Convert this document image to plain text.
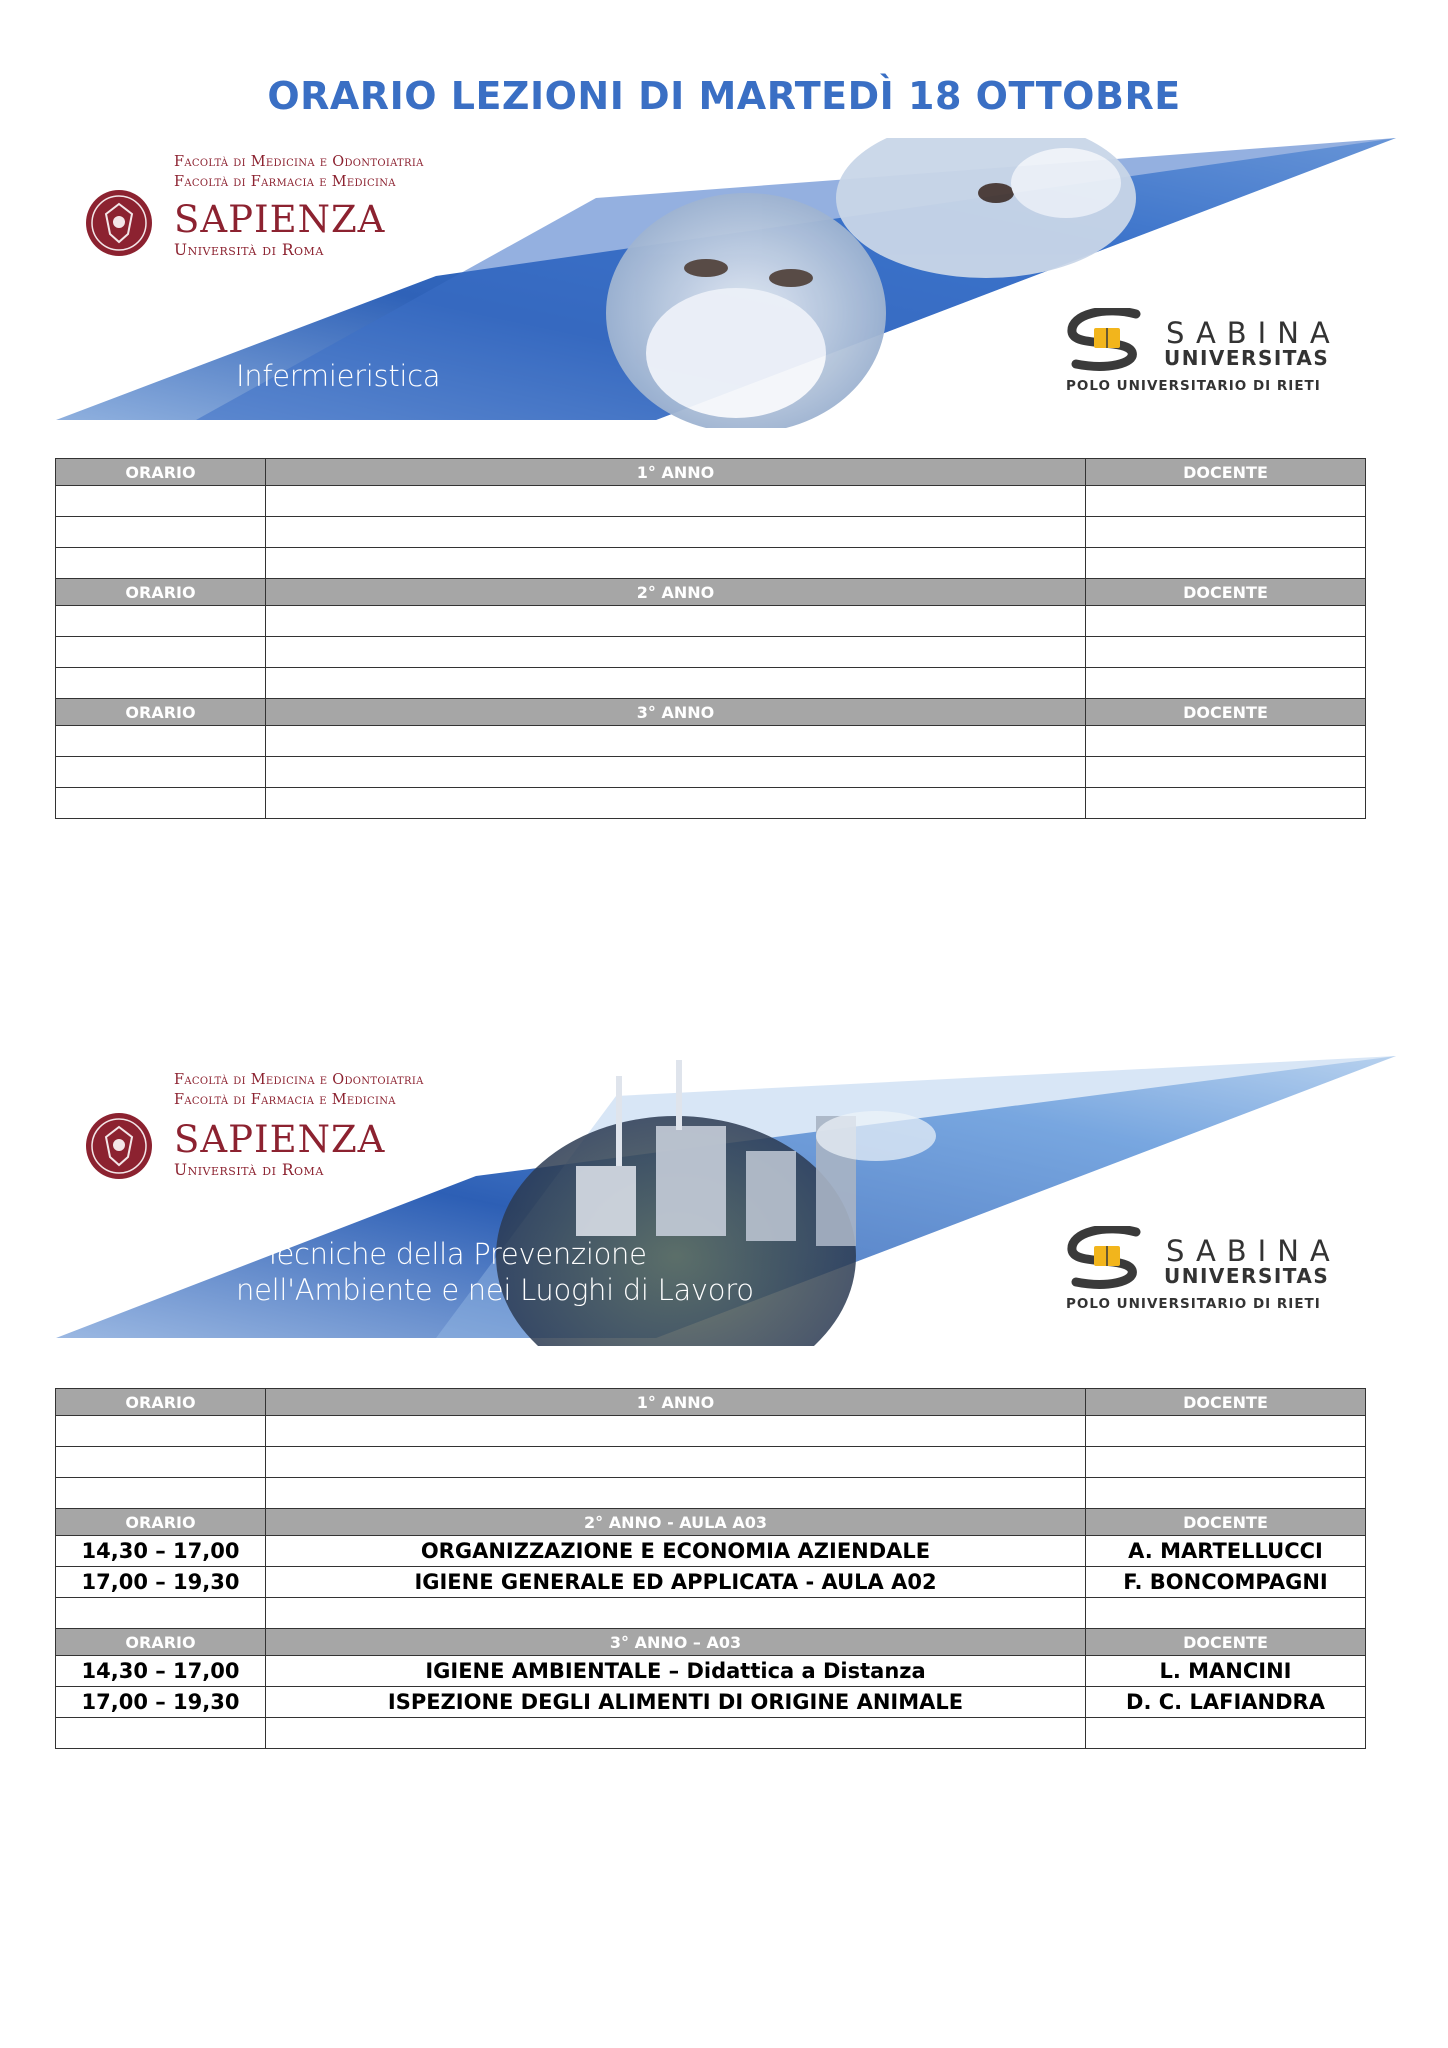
ORARIO LEZIONI DI MARTEDÌ 18 OTTOBRE
Facoltà di Medicina e Odontoiatria
Facoltà di Farmacia e Medicina
SAPIENZA
Università di Roma
Infermieristica
SABINA
UNIVERSITAS
POLO UNIVERSITARIO DI RIETI
ORARIO	1° ANNO	DOCENTE

ORARIO	2° ANNO	DOCENTE

ORARIO	3° ANNO	DOCENTE

Facoltà di Medicina e Odontoiatria
Facoltà di Farmacia e Medicina
SAPIENZA
Università di Roma
Tecniche della Prevenzione
nell'Ambiente e nei Luoghi di Lavoro
SABINA
UNIVERSITAS
POLO UNIVERSITARIO DI RIETI
ORARIO	1° ANNO	DOCENTE

ORARIO	2° ANNO - AULA A03	DOCENTE
14,30 – 17,00	ORGANIZZAZIONE E ECONOMIA AZIENDALE	A. MARTELLUCCI
17,00 – 19,30	IGIENE GENERALE ED APPLICATA - AULA A02	F. BONCOMPAGNI

ORARIO	3° ANNO – A03	DOCENTE
14,30 – 17,00	IGIENE AMBIENTALE – Didattica a Distanza	L. MANCINI
17,00 – 19,30	ISPEZIONE DEGLI ALIMENTI DI ORIGINE ANIMALE	D. C. LAFIANDRA
